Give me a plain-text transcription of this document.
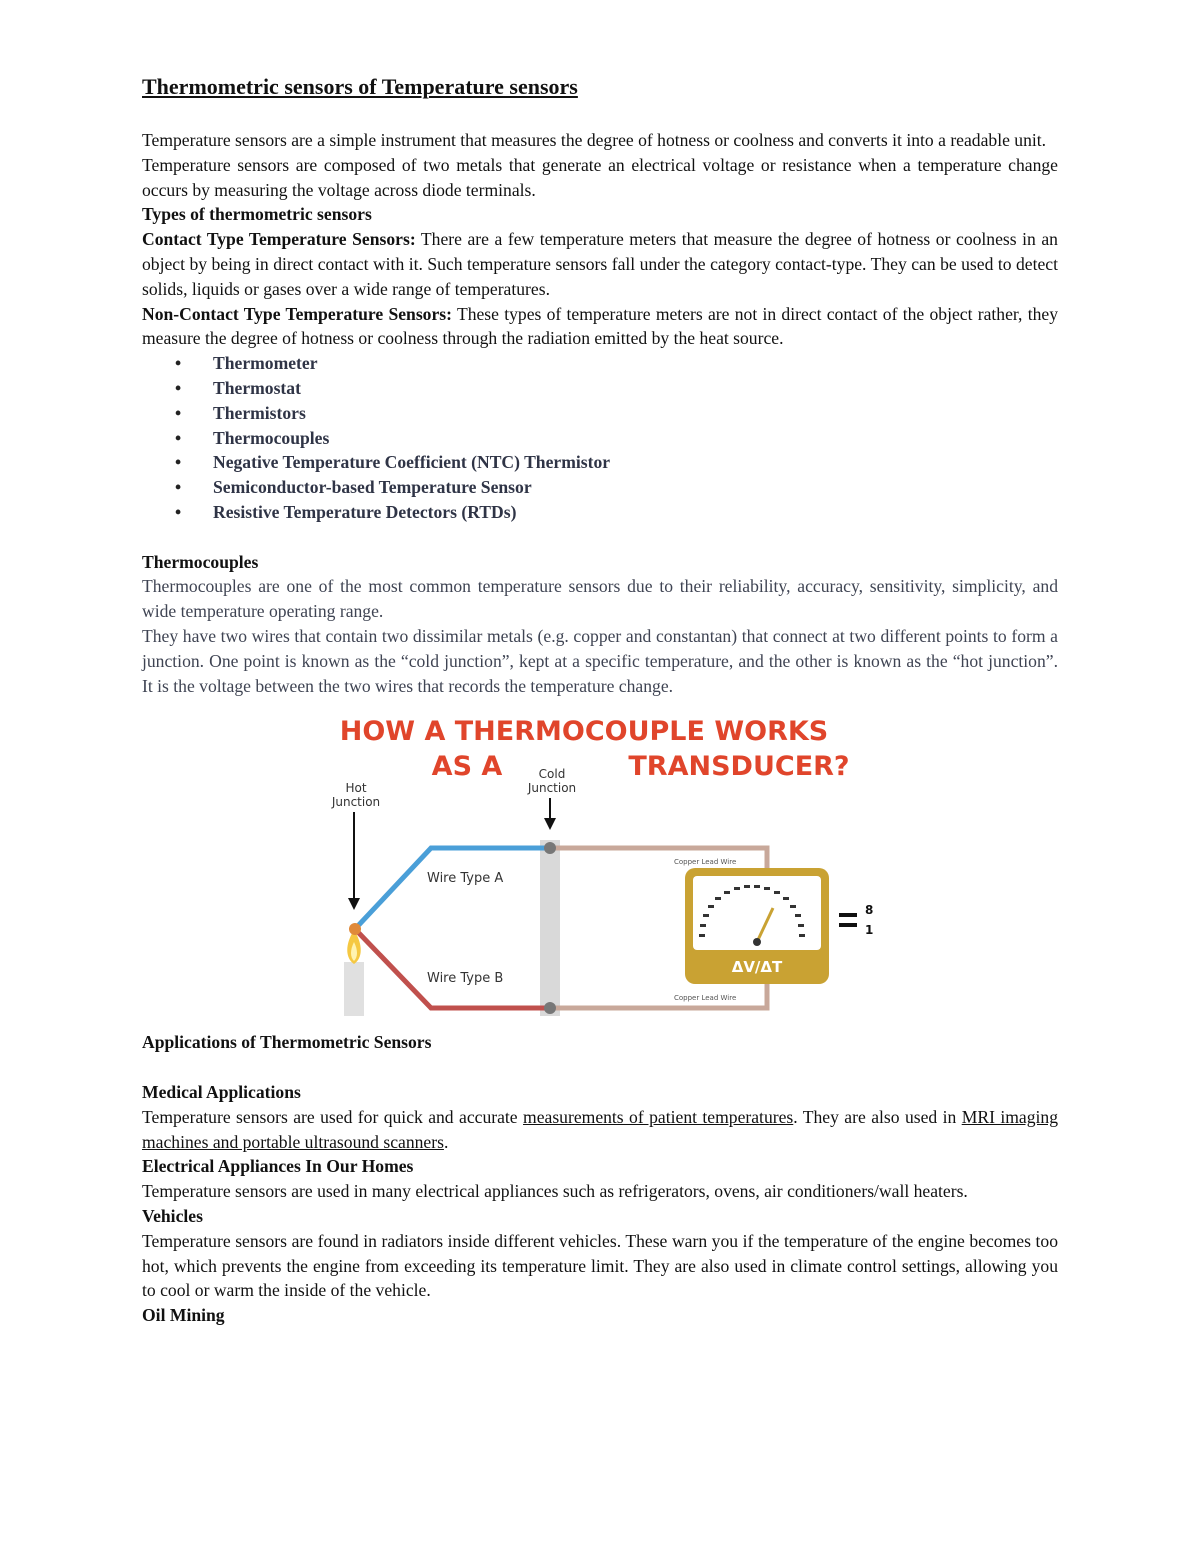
Thermometric sensors of Temperature sensors

Temperature sensors are a simple instrument that measures the degree of hotness or coolness and converts it into a readable unit.

Temperature sensors are composed of two metals that generate an electrical voltage or resistance when a temperature change occurs by measuring the voltage across diode terminals.

Types of thermometric sensors

Contact Type Temperature Sensors: There are a few temperature meters that measure the degree of hotness or coolness in an object by being in direct contact with it. Such temperature sensors fall under the category contact-type. They can be used to detect solids, liquids or gases over a wide range of temperatures.

Non-Contact Type Temperature Sensors: These types of temperature meters are not in direct contact of the object rather, they measure the degree of hotness or coolness through the radiation emitted by the heat source.

• Thermometer
• Thermostat
• Thermistors
• Thermocouples
• Negative Temperature Coefficient (NTC) Thermistor
• Semiconductor-based Temperature Sensor
• Resistive Temperature Detectors (RTDs)

Thermocouples

Thermocouples are one of the most common temperature sensors due to their reliability, accuracy, sensitivity, simplicity, and wide temperature operating range.

They have two wires that contain two dissimilar metals (e.g. copper and constantan) that connect at two different points to form a junction. One point is known as the “cold junction”, kept at a specific temperature, and the other is known as the “hot junction”. It is the voltage between the two wires that records the temperature change.

HOW A THERMOCOUPLE WORKS
AS A	TRANSDUCER?
Hot
Junction
Cold
Junction
Wire Type A
Wire Type B
Copper Lead Wire
Copper Lead Wire
ΔV/ΔT
8
1

Applications of Thermometric Sensors

Medical Applications

Temperature sensors are used for quick and accurate measurements of patient temperatures. They are also used in MRI imaging machines and portable ultrasound scanners.

Electrical Appliances In Our Homes

Temperature sensors are used in many electrical appliances such as refrigerators, ovens, air conditioners/wall heaters.

Vehicles

Temperature sensors are found in radiators inside different vehicles. These warn you if the temperature of the engine becomes too hot, which prevents the engine from exceeding its temperature limit. They are also used in climate control settings, allowing you to cool or warm the inside of the vehicle.

Oil Mining
